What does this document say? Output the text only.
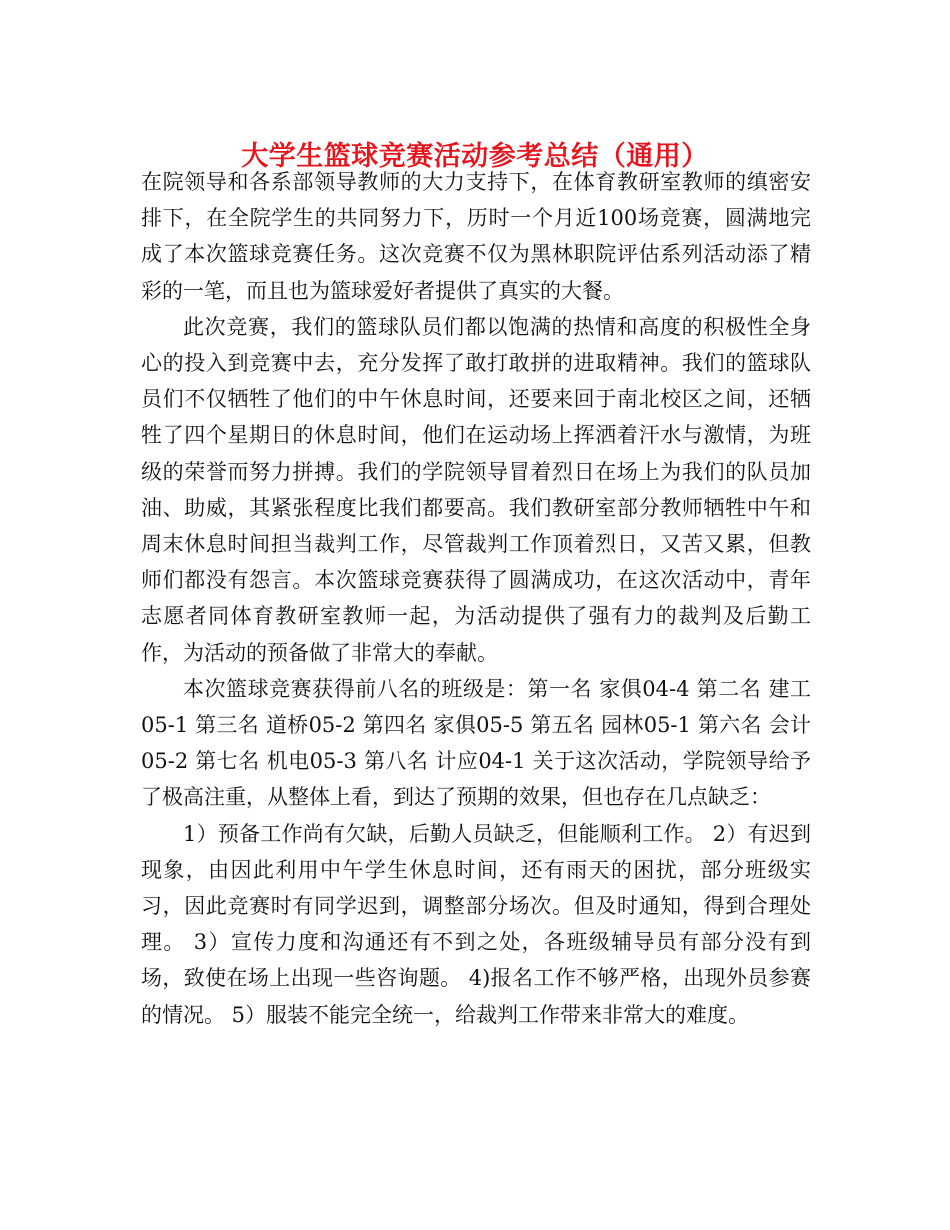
大学生篮球竞赛活动参考总结（通用）

在院领导和各系部领导教师的大力支持下，在体育教研室教师的缜密安排下，在全院学生的共同努力下，历时一个月近100场竞赛，圆满地完成了本次篮球竞赛任务。这次竞赛不仅为黑林职院评估系列活动添了精彩的一笔，而且也为篮球爱好者提供了真实的大餐。

此次竞赛，我们的篮球队员们都以饱满的热情和高度的积极性全身心的投入到竞赛中去，充分发挥了敢打敢拼的进取精神。我们的篮球队员们不仅牺牲了他们的中午休息时间，还要来回于南北校区之间，还牺牲了四个星期日的休息时间，他们在运动场上挥洒着汗水与激情，为班级的荣誉而努力拼搏。我们的学院领导冒着烈日在场上为我们的队员加油、助威，其紧张程度比我们都要高。我们教研室部分教师牺牲中午和周末休息时间担当裁判工作，尽管裁判工作顶着烈日，又苦又累，但教师们都没有怨言。本次篮球竞赛获得了圆满成功，在这次活动中，青年志愿者同体育教研室教师一起，为活动提供了强有力的裁判及后勤工作，为活动的预备做了非常大的奉献。

本次篮球竞赛获得前八名的班级是：第一名 家俱04-4 第二名 建工05-1 第三名 道桥05-2 第四名 家俱05-5 第五名 园林05-1 第六名 会计05-2 第七名 机电05-3 第八名 计应04-1 关于这次活动，学院领导给予了极高注重，从整体上看，到达了预期的效果，但也存在几点缺乏：

1）预备工作尚有欠缺，后勤人员缺乏，但能顺利工作。 2）有迟到现象，由因此利用中午学生休息时间，还有雨天的困扰，部分班级实习，因此竞赛时有同学迟到，调整部分场次。但及时通知，得到合理处理。 3）宣传力度和沟通还有不到之处，各班级辅导员有部分没有到场，致使在场上出现一些咨询题。 4)报名工作不够严格，出现外员参赛的情况。 5）服装不能完全统一，给裁判工作带来非常大的难度。
